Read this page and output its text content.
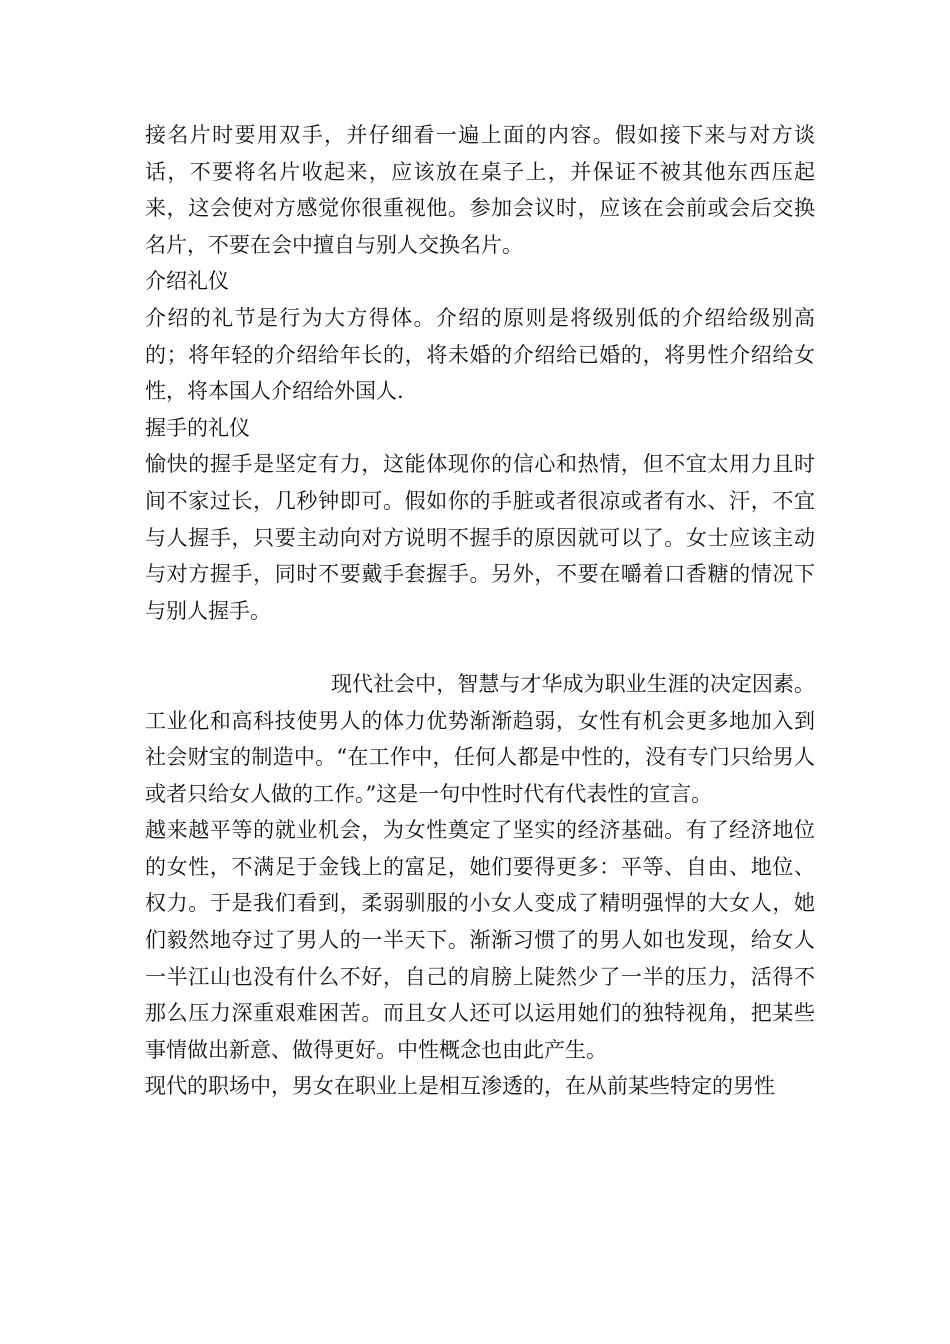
接名片时要用双手，并仔细看一遍上面的内容。假如接下来与对方谈话，不要将名片收起来，应该放在桌子上，并保证不被其他东西压起来，这会使对方感觉你很重视他。参加会议时，应该在会前或会后交换名片，不要在会中擅自与别人交换名片。

介绍礼仪

介绍的礼节是行为大方得体。介绍的原则是将级别低的介绍给级别高的；将年轻的介绍给年长的，将未婚的介绍给已婚的，将男性介绍给女性，将本国人介绍给外国人.

握手的礼仪

愉快的握手是坚定有力，这能体现你的信心和热情，但不宜太用力且时间不家过长，几秒钟即可。假如你的手脏或者很凉或者有水、汗，不宜与人握手，只要主动向对方说明不握手的原因就可以了。女士应该主动与对方握手，同时不要戴手套握手。另外，不要在嚼着口香糖的情况下与别人握手。

现代社会中，智慧与才华成为职业生涯的决定因素。工业化和高科技使男人的体力优势渐渐趋弱，女性有机会更多地加入到社会财宝的制造中。“在工作中，任何人都是中性的，没有专门只给男人或者只给女人做的工作。”这是一句中性时代有代表性的宣言。

越来越平等的就业机会，为女性奠定了坚实的经济基础。有了经济地位的女性，不满足于金钱上的富足，她们要得更多：平等、自由、地位、权力。于是我们看到，柔弱驯服的小女人变成了精明强悍的大女人，她们毅然地夺过了男人的一半天下。渐渐习惯了的男人如也发现，给女人一半江山也没有什么不好，自己的肩膀上陡然少了一半的压力，活得不那么压力深重艰难困苦。而且女人还可以运用她们的独特视角，把某些事情做出新意、做得更好。中性概念也由此产生。

现代的职场中，男女在职业上是相互渗透的，在从前某些特定的男性
